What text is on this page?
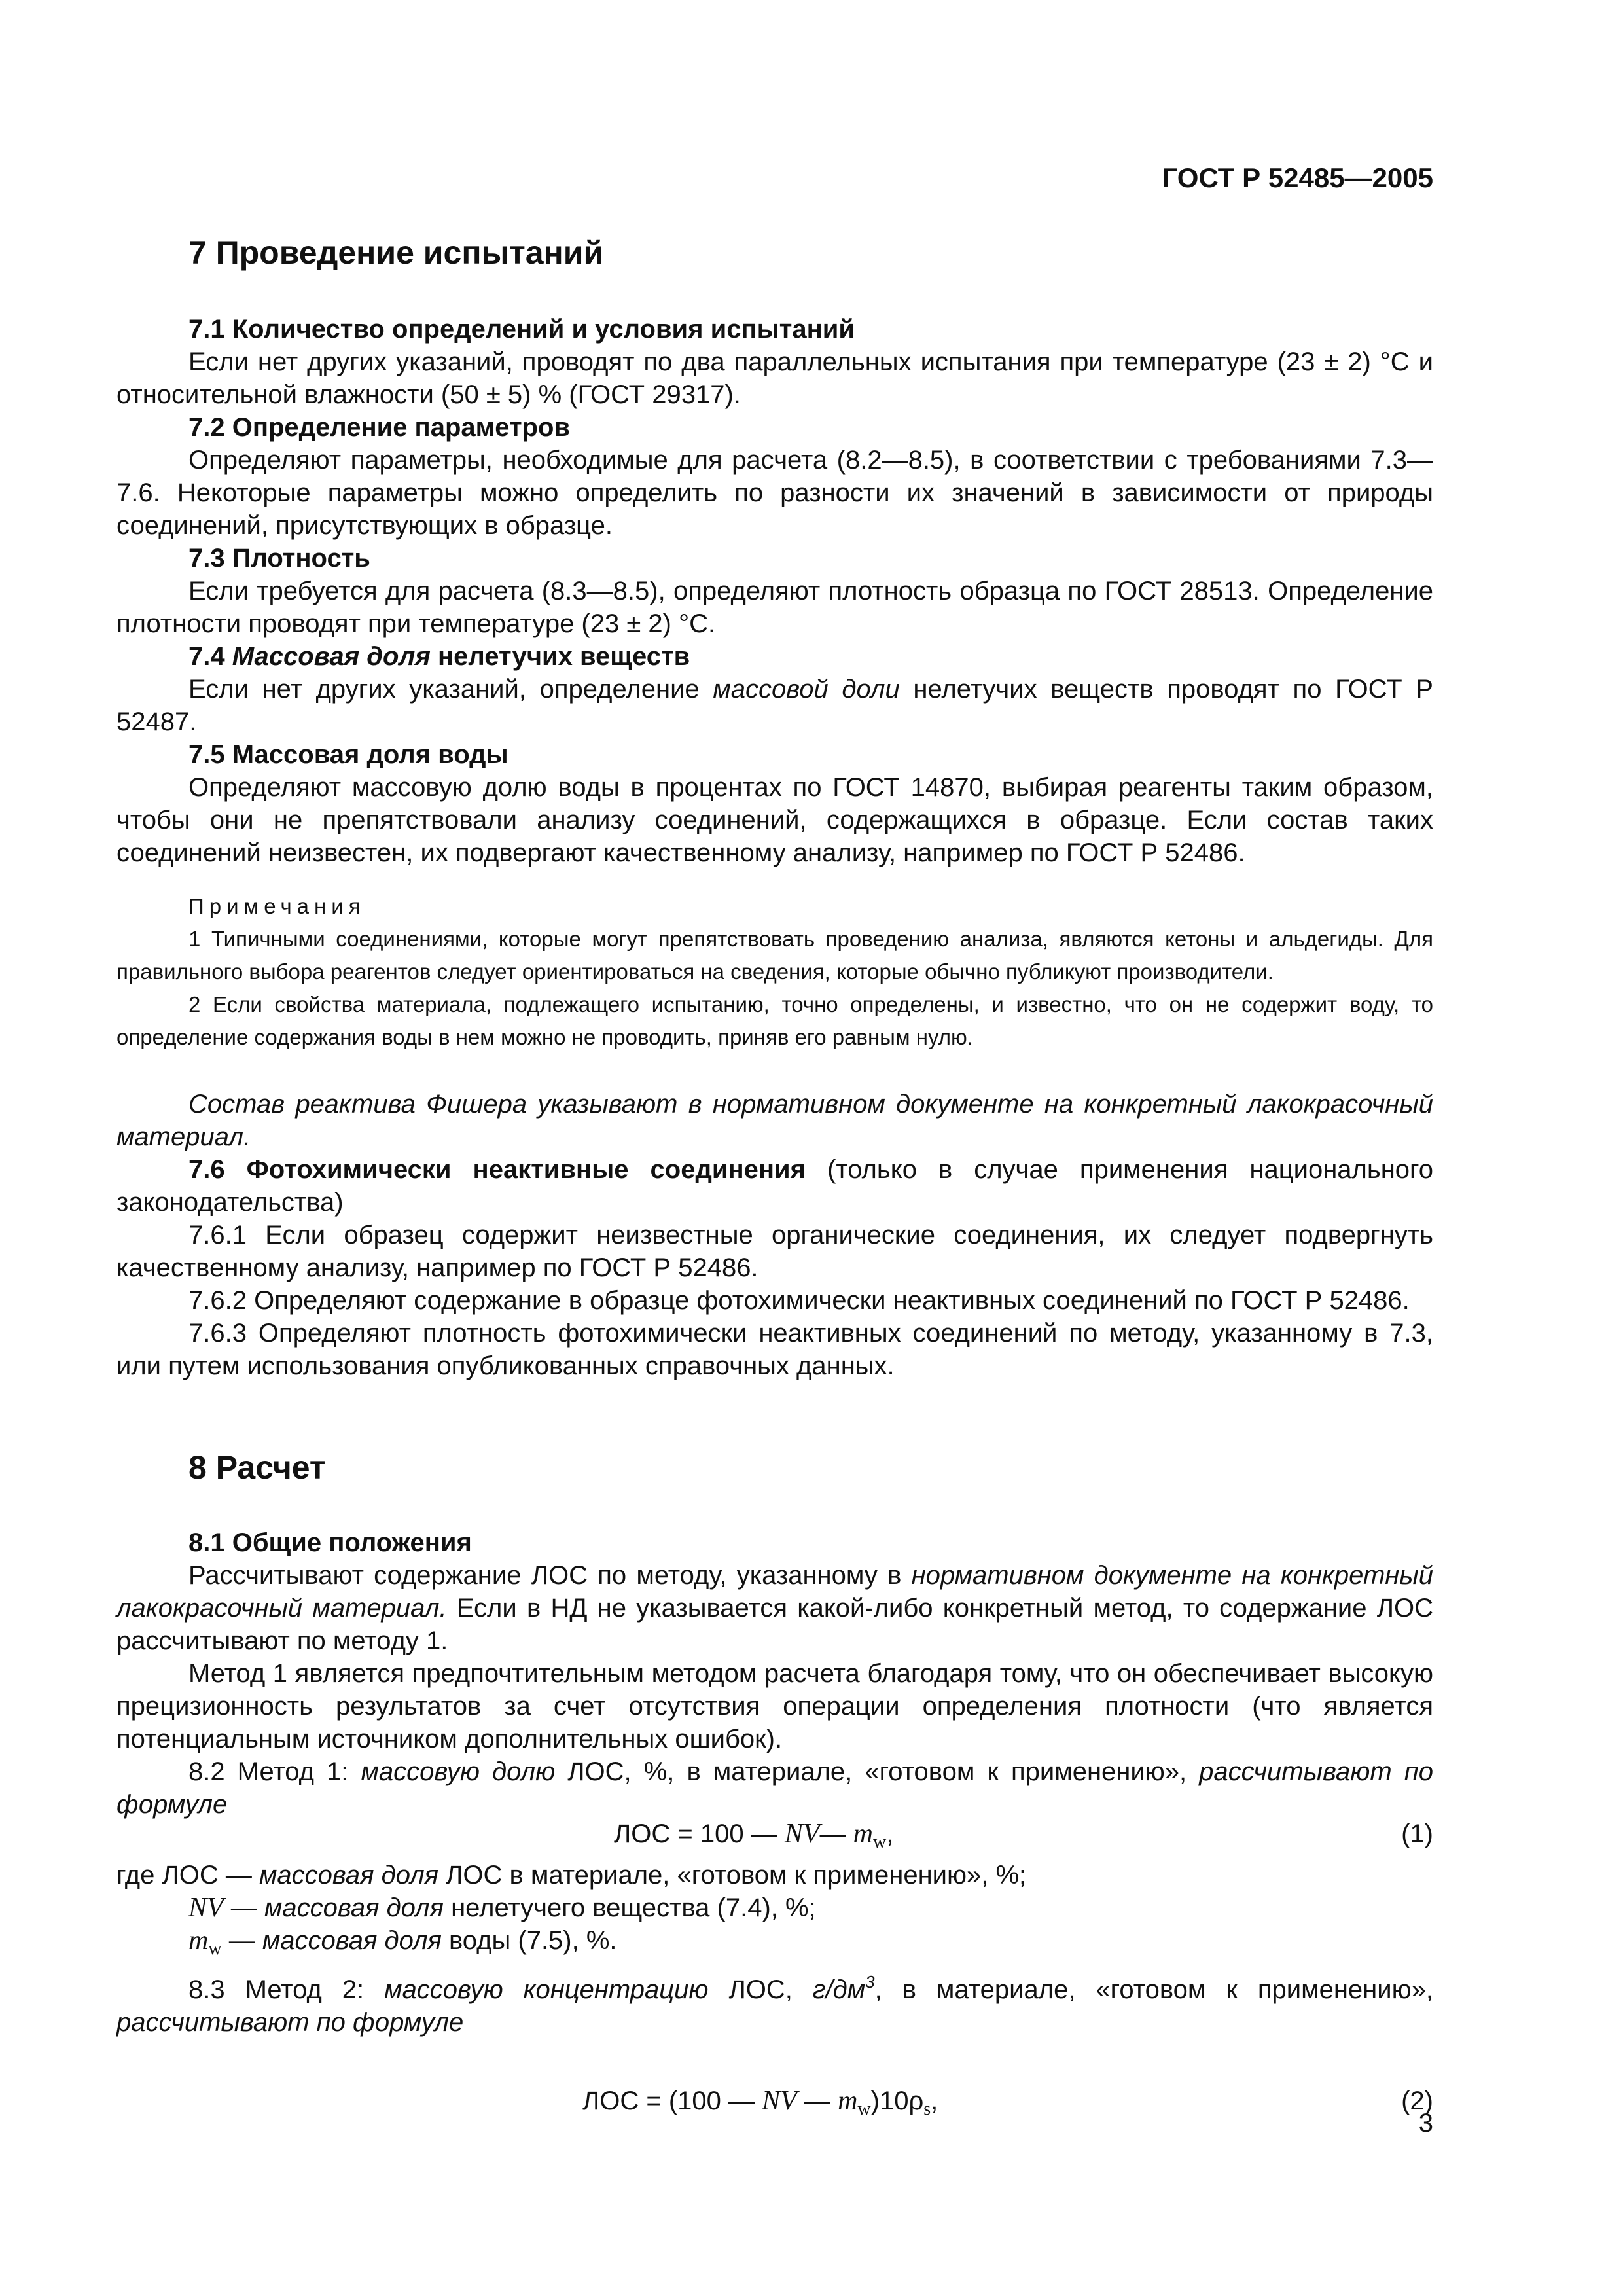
ГОСТ Р 52485—2005

7 Проведение испытаний

7.1 Количество определений и условия испытаний

Если нет других указаний, проводят по два параллельных испытания при температуре (23 ± 2) °С и относительной влажности (50 ± 5) % (ГОСТ 29317).

7.2 Определение параметров

Определяют параметры, необходимые для расчета (8.2—8.5), в соответствии с требованиями 7.3—7.6. Некоторые параметры можно определить по разности их значений в зависимости от природы соединений, присутствующих в образце.

7.3 Плотность

Если требуется для расчета (8.3—8.5), определяют плотность образца по ГОСТ 28513. Определение плотности проводят при температуре (23 ± 2) °С.

7.4 Массовая доля нелетучих веществ

Если нет других указаний, определение массовой доли нелетучих веществ проводят по ГОСТ Р 52487.

7.5 Массовая доля воды

Определяют массовую долю воды в процентах по ГОСТ 14870, выбирая реагенты таким образом, чтобы они не препятствовали анализу соединений, содержащихся в образце. Если состав таких соединений неизвестен, их подвергают качественному анализу, например по ГОСТ Р 52486.

Примечания

1 Типичными соединениями, которые могут препятствовать проведению анализа, являются кетоны и альдегиды. Для правильного выбора реагентов следует ориентироваться на сведения, которые обычно публикуют производители.

2 Если свойства материала, подлежащего испытанию, точно определены, и известно, что он не содержит воду, то определение содержания воды в нем можно не проводить, приняв его равным нулю.

Состав реактива Фишера указывают в нормативном документе на конкретный лакокрасочный материал.

7.6 Фотохимически неактивные соединения (только в случае применения национального законодательства)

7.6.1 Если образец содержит неизвестные органические соединения, их следует подвергнуть качественному анализу, например по ГОСТ Р 52486.

7.6.2 Определяют содержание в образце фотохимически неактивных соединений по ГОСТ Р 52486.

7.6.3 Определяют плотность фотохимически неактивных соединений по методу, указанному в 7.3, или путем использования опубликованных справочных данных.

8 Расчет

8.1 Общие положения

Рассчитывают содержание ЛОС по методу, указанному в нормативном документе на конкретный лакокрасочный материал. Если в НД не указывается какой-либо конкретный метод, то содержание ЛОС рассчитывают по методу 1.

Метод 1 является предпочтительным методом расчета благодаря тому, что он обеспечивает высокую прецизионность результатов за счет отсутствия операции определения плотности (что является потенциальным источником дополнительных ошибок).

8.2 Метод 1: массовую долю ЛОС, %, в материале, «готовом к применению», рассчитывают по формуле

ЛОС = 100 — NV— $m_w$,	(1)

где ЛОС — массовая доля ЛОС в материале, «готовом к применению», %;

NV — массовая доля нелетучего вещества (7.4), %;

$m_w$ — массовая доля воды (7.5), %.

8.3 Метод 2: массовую концентрацию ЛОС, $г/дм^3$, в материале, «готовом к применению», рассчитывают по формуле

ЛОС = (100 — NV — $m_w)10\rho_s$,	(2)
3
